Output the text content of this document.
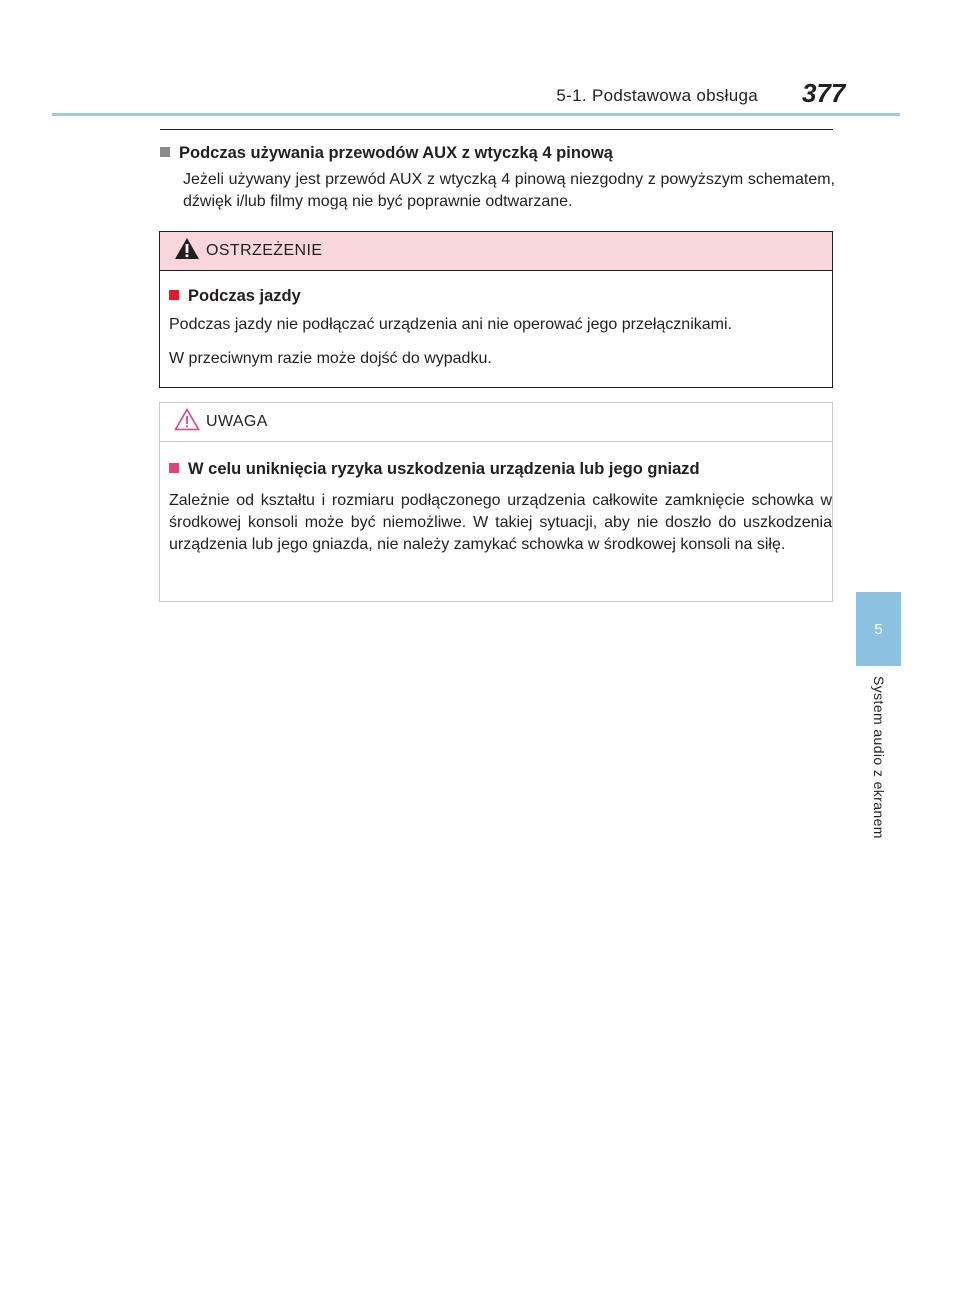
5-1. Podstawowa obsługa 377
5
System audio z ekranem
Podczas używania przewodów AUX z wtyczką 4 pinową

Jeżeli używany jest przewód AUX z wtyczką 4 pinową niezgodny z powyższym schematem, dźwięk i/lub filmy mogą nie być poprawnie odtwarzane.

OSTRZEŻENIE
Podczas jazdy

Podczas jazdy nie podłączać urządzenia ani nie operować jego przełącznikami.

W przeciwnym razie może dojść do wypadku.

UWAGA
W celu uniknięcia ryzyka uszkodzenia urządzenia lub jego gniazd

Zależnie od kształtu i rozmiaru podłączonego urządzenia całkowite zamknięcie schowka w środkowej konsoli może być niemożliwe. W takiej sytuacji, aby nie doszło do uszkodzenia urządzenia lub jego gniazda, nie należy zamykać schowka w środkowej konsoli na siłę.
